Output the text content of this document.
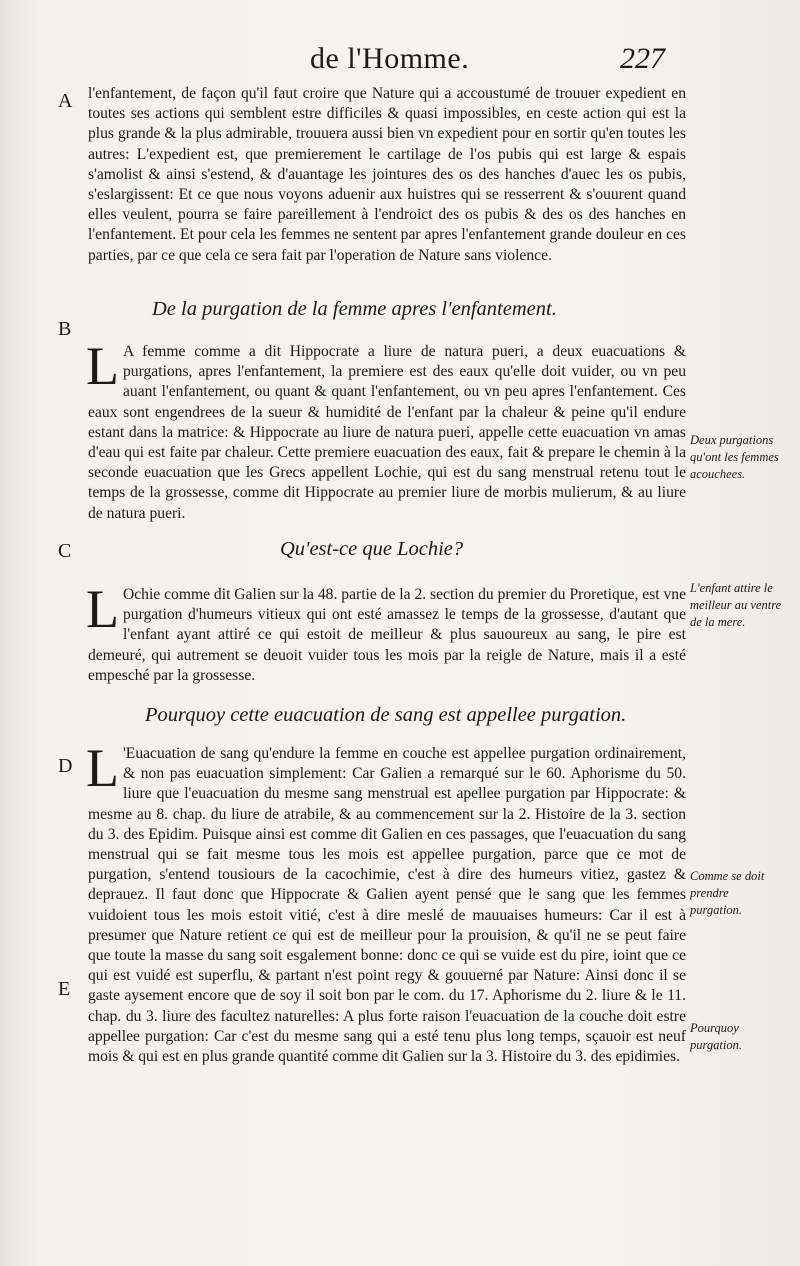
de l'Homme.	227
A l'enfantement, de façon qu'il faut croire que Nature qui a accoustumé de trouuer expedient en toutes ses actions qui semblent estre difficiles & quasi impossibles, en ceste action qui est la plus grande & la plus admirable, trouuera aussi bien vn expedient pour en sortir qu'en toutes les autres: L'expedient est, que premierement le cartilage de l'os pubis qui est large & espais s'amolist & ainsi s'estend, & d'auantage les jointures des os des hanches d'auec les os pubis, s'eslargissent: Et ce que nous voyons aduenir aux huistres qui se resserrent & s'ouurent quand elles veulent, pourra se faire pareillement à l'endroict des os pubis & des os des hanches en l'enfantement. Et pour cela les femmes ne sentent par apres l'enfantement grande douleur en ces parties, par ce que cela ce sera fait par l'operation de Nature sans violence.

B
De la purgation de la femme apres l'enfantement.
L A femme comme a dit Hippocrate a liure de natura pueri, a deux euacuations & purgations, apres l'enfantement, la premiere est des eaux qu'elle doit vuider, ou vn peu auant l'enfantement, ou quant & quant l'enfantement, ou vn peu apres l'enfantement. Ces eaux sont engendrees de la sueur & humidité de l'enfant par la chaleur & peine qu'il endure estant dans la matrice: & Hippocrate au liure de natura pueri, appelle cette euacuation vn amas d'eau qui est faite par chaleur. Cette premiere euacuation des eaux, fait & prepare le chemin à la seconde euacuation que les Grecs appellent Lochie, qui est du sang menstrual retenu tout le temps de la grossesse, comme dit Hippocrate au premier liure de morbis mulierum, & au liure de natura pueri.

Deux purgations qu'ont les femmes acouchees.
C	Qu'est-ce que Lochie?
L Ochie comme dit Galien sur la 48. partie de la 2. section du premier du Proretique, est vne purgation d'humeurs vitieux qui ont esté amassez le temps de la grossesse, d'autant que l'enfant ayant attiré ce qui estoit de meilleur & plus sauoureux au sang, le pire est demeuré, qui autrement se deuoit vuider tous les mois par la reigle de Nature, mais il a esté empesché par la grossesse.

L'enfant attire le meilleur au ventre de la mere.
Pourquoy cette euacuation de sang est appellee purgation.
D L 'Euacuation de sang qu'endure la femme en couche est appellee purgation ordinairement, & non pas euacuation simplement: Car Galien a remarqué sur le 60. Aphorisme du 50. liure que l'euacuation du mesme sang menstrual est apellee purgation par Hippocrate: & mesme au 8. chap. du liure de atrabile, & au commencement sur la 2. Histoire de la 3. section du 3. des Epidim. Puisque ainsi est comme dit Galien en ces passages, que l'euacuation du sang menstrual qui se fait mesme tous les mois est appellee purgation, parce que ce mot de purgation, s'entend tousiours de la cacochimie, c'est à dire des humeurs vitiez, gastez & deprauez. Il faut donc que Hippocrate & Galien ayent pensé que le sang que les femmes vuidoient tous les mois estoit vitié, c'est à dire meslé de mauuaises humeurs: Car il est à presumer que Nature retient ce qui est de meilleur pour la prouision, & qu'il ne se peut faire que toute la masse du sang soit esgalement bonne: donc ce qui se vuide est du pire, ioint que ce qui est vuidé est superflu, & partant n'est point regy & gouuerné par Nature: Ainsi donc il se gaste aysement encore que de soy il soit bon par le com. du 17. Aphorisme du 2. liure & le 11. chap. du 3. liure des facultez naturelles: A plus forte raison l'euacuation de la couche doit estre appellee purgation: Car c'est du mesme sang qui a esté tenu plus long temps, sçauoir est neuf mois & qui est en plus grande quantité comme dit Galien sur la 3. Histoire du 3. des epidimies.

E
Comme se doit prendre purgation.
Pourquoy purgation.
